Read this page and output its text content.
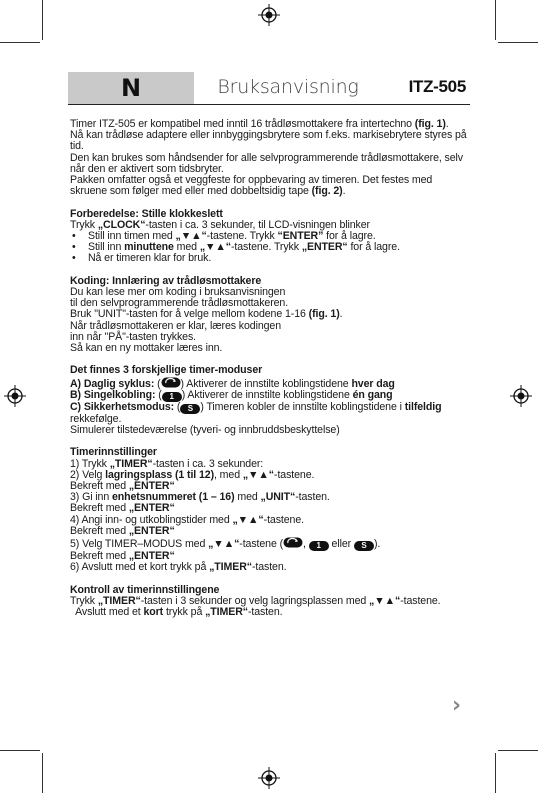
N	Bruksanvisning	ITZ-505

Timer ITZ-505 er kompatibel med inntil 16 trådløsmottakere fra intertechno (fig. 1).

Nå kan trådløse adaptere eller innbyggingsbrytere som f.eks. markisebrytere styres på tid.

Den kan brukes som håndsender for alle selvprogrammerende trådløsmottakere, selv når den er aktivert som tidsbryter.

Pakken omfatter også et veggfeste for oppbevaring av timeren. Det festes med skruene som følger med eller med dobbeltsidig tape (fig. 2).

Forberedelse: Stille klokkeslett

Trykk „CLOCK“-tasten i ca. 3 sekunder, til LCD-visningen blinker

• Still inn timen med „▼▲“-tastene. Trykk “ENTER” for å lagre.

• Still inn minuttene med „▼▲“-tastene. Trykk „ENTER“ for å lagre.

• Nå er timeren klar for bruk.

Koding: Innlæring av trådløsmottakere

Du kan lese mer om koding i bruksanvisningen

til den selvprogrammerende trådløsmottakeren.

Bruk "UNIT"-tasten for å velge mellom kodene 1-16 (fig. 1).

Når trådløsmottakeren er klar, læres kodingen

inn når "PÅ"-tasten trykkes.

Så kan en ny mottaker læres inn.

Det finnes 3 forskjellige timer-moduser

A) Daglig syklus: ( ) Aktiverer de innstilte koblingstidene hver dag

B) Singelkobling: ( 1 ) Aktiverer de innstilte koblingstidene én gang

C) Sikkerhetsmodus: ( S ) Timeren kobler de innstilte koblingstidene i tilfeldig rekkefølge.

Simulerer tilstedeværelse (tyveri- og innbruddsbeskyttelse)

Timerinnstillinger

1) Trykk „TIMER“-tasten i ca. 3 sekunder:

2) Velg lagringsplass (1 til 12), med „▼▲“-tastene.

Bekreft med „ENTER“

3) Gi inn enhetsnummeret (1 – 16) med „UNIT“-tasten.

Bekreft med „ENTER“

4) Angi inn- og utkoblingstider med „▼▲“-tastene.

Bekreft med „ENTER“

5) Velg TIMER–MODUS med „▼▲“-tastene ( , 1 eller S ).

Bekreft med „ENTER“

6) Avslutt med et kort trykk på „TIMER“-tasten.

Kontroll av timerinnstillingene

Trykk „TIMER“-tasten i 3 sekunder og velg lagringsplassen med „▼▲“-tastene.

Avslutt med et kort trykk på „TIMER“-tasten.

›
